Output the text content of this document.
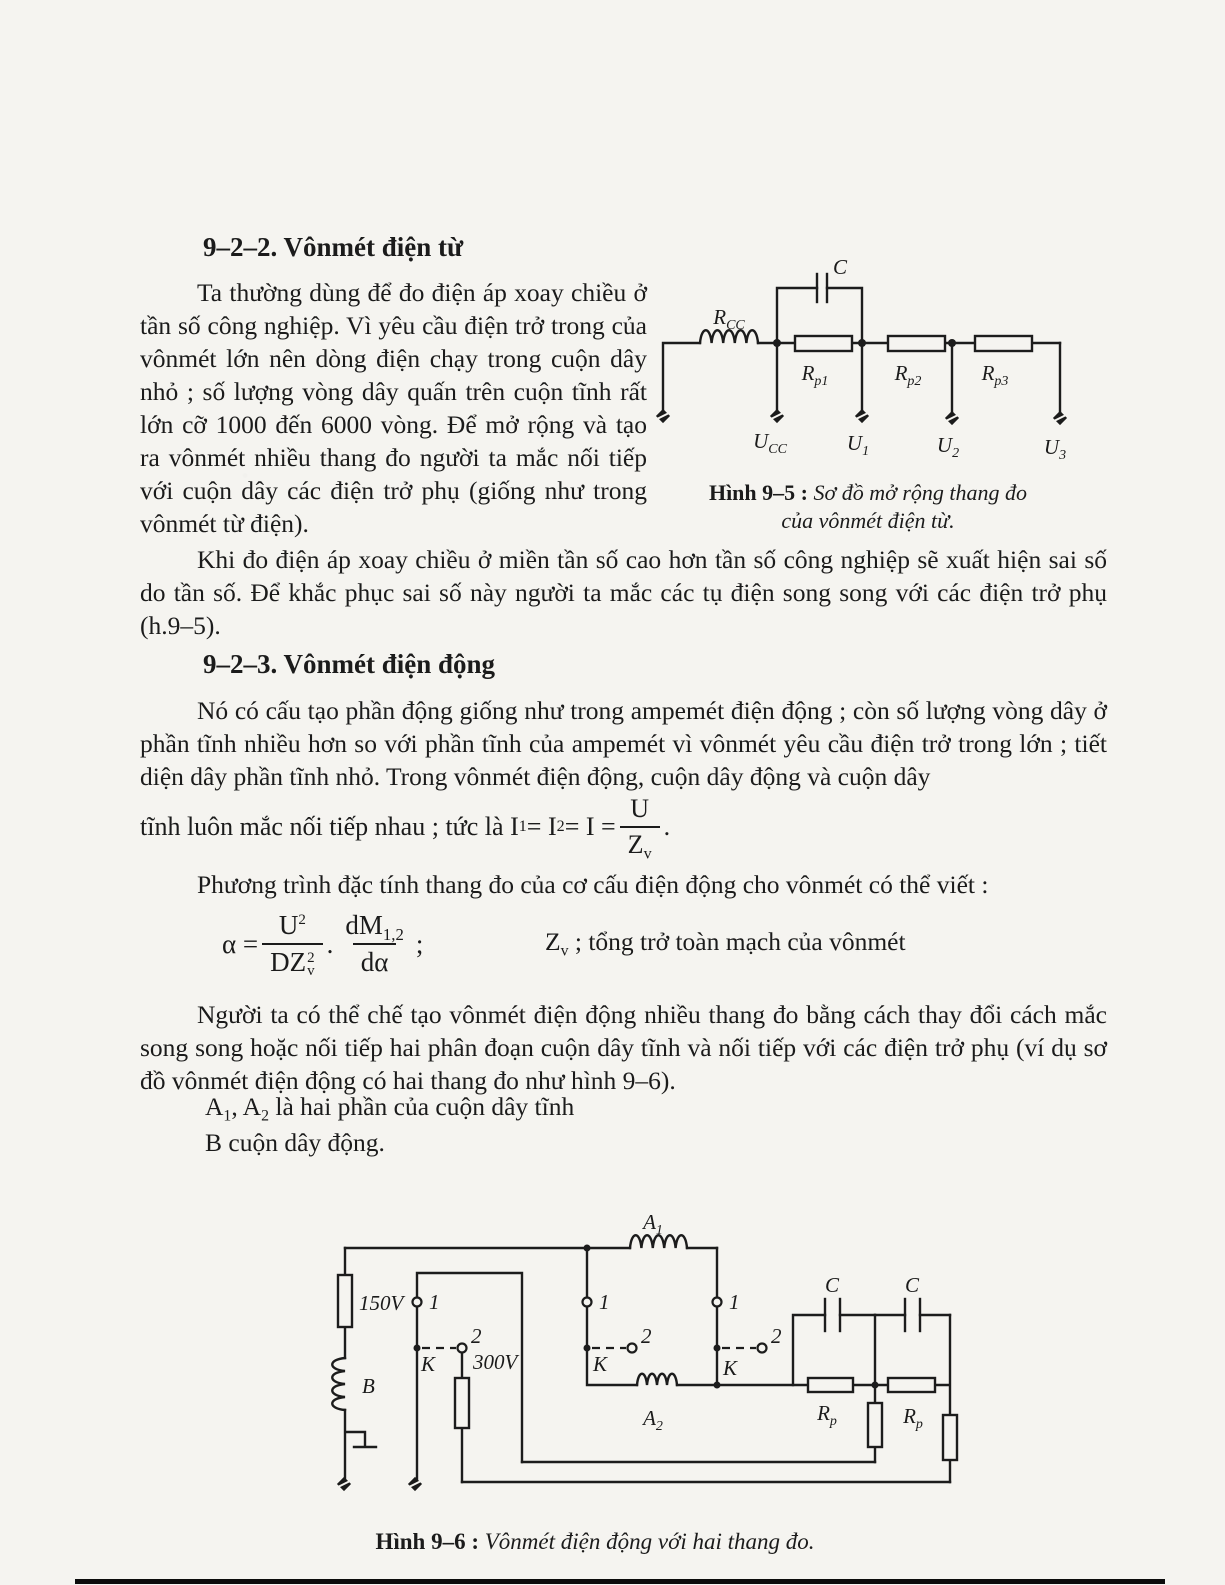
9–2–2. Vônmét điện từ
Ta thường dùng để đo điện áp xoay chiều ở tần số công nghiệp. Vì yêu cầu điện trở trong của vônmét lớn nên dòng điện chạy trong cuộn dây nhỏ ; số lượng vòng dây quấn trên cuộn tĩnh rất lớn cỡ 1000 đến 6000 vòng. Để mở rộng và tạo ra vônmét nhiều thang đo người ta mắc nối tiếp với cuộn dây các điện trở phụ (giống như trong vônmét từ điện).
$R_{CC}$
C
$R_{p1}$	$R_{p2}$	$R_{p3}$
$U_{CC}$	$U_1$	$U_2$	$U_3$
Hình 9–5 : Sơ đồ mở rộng thang đo
của vônmét điện từ.
Khi đo điện áp xoay chiều ở miền tần số cao hơn tần số công nghiệp sẽ xuất hiện sai số do tần số. Để khắc phục sai số này người ta mắc các tụ điện song song với các điện trở phụ (h.9–5).
9–2–3. Vônmét điện động
Nó có cấu tạo phần động giống như trong ampemét điện động ; còn số lượng vòng dây ở phần tĩnh nhiều hơn so với phần tĩnh của ampemét vì vônmét yêu cầu điện trở trong lớn ; tiết diện dây phần tĩnh nhỏ. Trong vônmét điện động, cuộn dây động và cuộn dây
tĩnh luôn mắc nối tiếp nhau ; tức là I 1 = I $2 = I = \frac{U}{Z_v}$ .
Phương trình đặc tính thang đo của cơ cấu điện động cho vônmét có thể viết :
$\alpha = U^2$
DZ 2
v . $\frac{dM_{1,2}}{d\alpha}$ ;	$Z_v$ ; tổng trở toàn mạch của vônmét
Người ta có thể chế tạo vônmét điện động nhiều thang đo bằng cách thay đổi cách mắc song song hoặc nối tiếp hai phân đoạn cuộn dây tĩnh và nối tiếp với các điện trở phụ (ví dụ sơ đồ vônmét điện động có hai thang đo như hình 9–6).
$A_1$, $A_2$ là hai phần của cuộn dây tĩnh
B cuộn dây động.
150V
B
300V
1	1	1
2	2	2
K	K	K
$A_1$
$A_2$
C	C
$R_p$	$R_p$
Hình 9–6 : Vônmét điện động với hai thang đo.
